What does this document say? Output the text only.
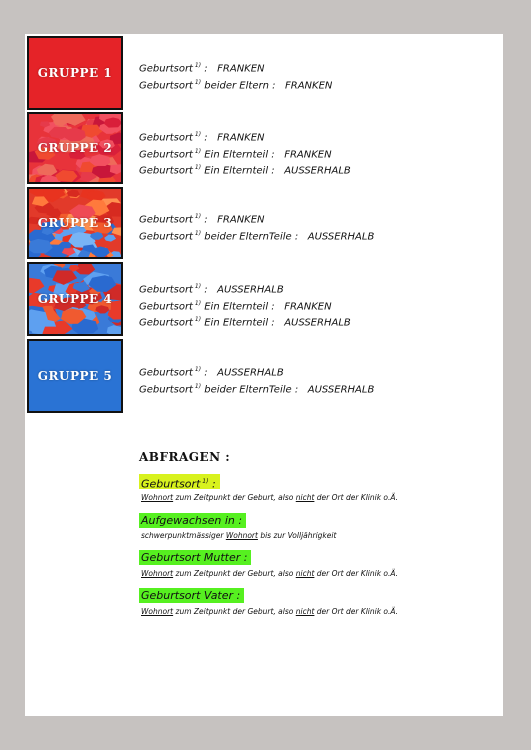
GRUPPE 1	Geburtsort $^{1)}$ :   FRANKEN
Geburtsort $^{1)}$ beider Eltern :   FRANKEN
GRUPPE 2
Geburtsort $^{1)}$ :   FRANKEN
Geburtsort $^{1)}$ Ein Elternteil :   FRANKEN
Geburtsort $^{1)}$ Ein Elternteil :   AUSSERHALB
GRUPPE 3	Geburtsort $^{1)}$ :   FRANKEN
Geburtsort $^{1)}$ beider ElternTeile :   AUSSERHALB
GRUPPE 4
Geburtsort $^{1)}$ :   AUSSERHALB
Geburtsort $^{1)}$ Ein Elternteil :   FRANKEN
Geburtsort $^{1)}$ Ein Elternteil :   AUSSERHALB
GRUPPE 5	Geburtsort $^{1)}$ :   AUSSERHALB
Geburtsort $^{1)}$ beider ElternTeile :   AUSSERHALB
ABFRAGEN :
Geburtsort $^{1)}$ :
Wohnort zum Zeitpunkt der Geburt, also nicht der Ort der Klinik o.Ä.
Aufgewachsen in :
schwerpunktmässiger Wohnort bis zur Volljährigkeit
Geburtsort Mutter :
Wohnort zum Zeitpunkt der Geburt, also nicht der Ort der Klinik o.Ä.
Geburtsort Vater :
Wohnort zum Zeitpunkt der Geburt, also nicht der Ort der Klinik o.Ä.
